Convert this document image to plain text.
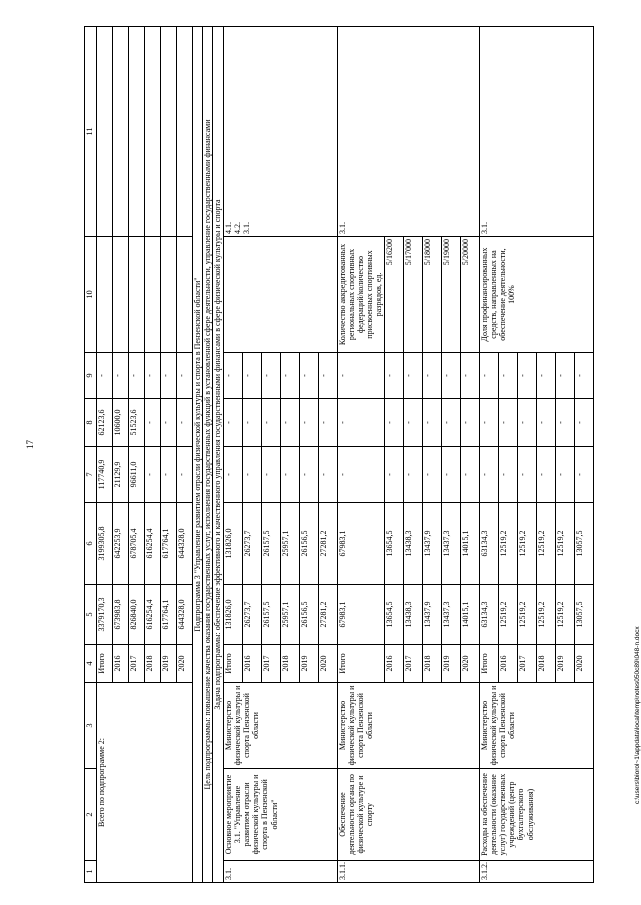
17
c:\users\biorol~1\appdata\local\temp\notes050c89\048-n.docx
1	2	3	4	5	6	7	8	9	10	11
Всего по подпрограмме 2:			Итого	3379170,3	3199305,8	117740,9	62123,6	-		
			2016	673983,8	642253,9	21129,9	10600,0	-		
			2017	826840,0	678705,4	96611,0	51523,6	-		
			2018	616254,4	616254,4	-	-	-		
			2019	617764,1	617764,1	-	-	-		
			2020	644328,0	644328,0	-	-	-		
Подпрограмма 3 "Управление развитием отрасли физической культуры и спорта в Пензенской области"										
Цель подпрограммы: повышение качества оказания государственных услуг, исполнения государственных функций в установленной сфере деятельности, управление государственными финансами										
Задача подпрограммы: обеспечение эффективного и качественного управления государственными финансами в сфере физической культуры и спорта										
3.1.	Основное мероприятие 3.1. "Управление развитием отрасли физической культуры и спорта в Пензенской области"	Министерство физической культуры и спорта Пензенской области	Итого	131826,0	131826,0	-	-	-		4.1. 4.2. 3.1.

			2016	26273,7	26273,7	-	-	-		
			2017	26157,5	26157,5	-	-	-		
			2018	25957,1	25957,1	-	-	-		
			2019	26156,5	26156,5	-	-	-		
			2020	27281,2	27281,2	-	-	-		
3.1.1.	Обеспечение деятельности органа по физической культуре и спорту	Министерство физической культуры и спорта Пензенской области	Итого	67983,1	67983,1	-	-	-	Количество аккредитованных региональных спортивных федераций/количество присвоенных спортивных разрядов, ед.	3.1.

			2016	13654,5	13654,5	-	-	-	5/16200	
			2017	13438,3	13438,3	-	-	-	5/17000	
			2018	13437,9	13437,9	-	-	-	5/18000	
			2019	13437,3	13437,3	-	-	-	5/19000	
			2020	14015,1	14015,1	-	-	-	5/20000	
3.1.2.	Расходы на обеспечение деятельности (оказание услуг) государственных учреждений (центр бухгалтерского обслуживания)	Министерство физической культуры и спорта Пензенской области	Итого	63134,3	63134,3	-	-	-	Доля профинансированных средств, направленных на обеспечение деятельности, 100%	3.1.

			2016	12519,2	12519,2	-	-	-		
			2017	12519,2	12519,2	-	-	-		
			2018	12519,2	12519,2	-	-	-		
			2019	12519,2	12519,2	-	-	-		
			2020	13057,5	13057,5	-	-	-		
